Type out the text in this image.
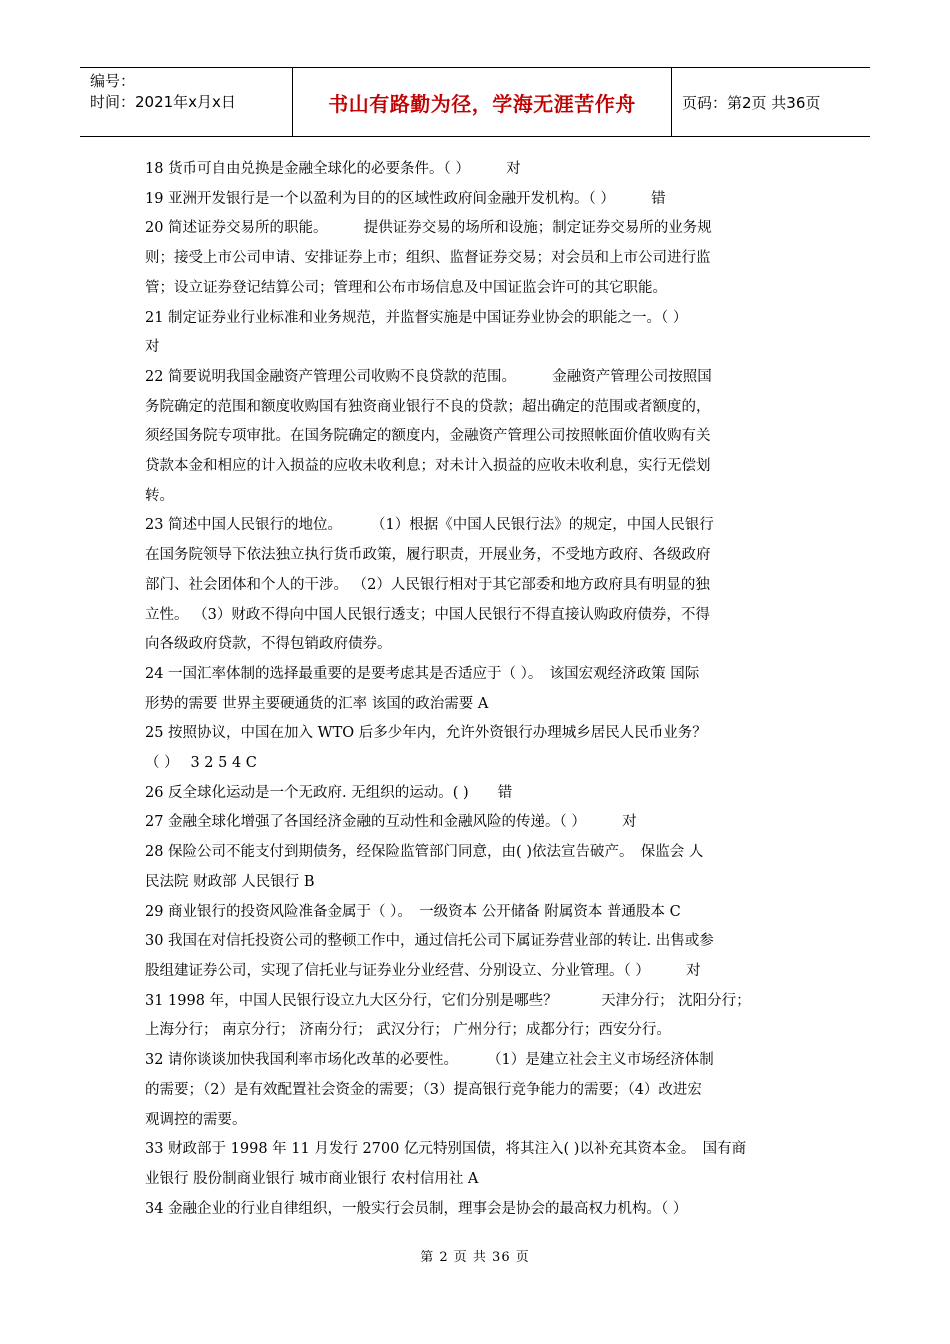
编号：
时间：2021年x月x日	书山有路勤为径，学海无涯苦作舟	页码：第2页 共36页

18 货币可自由兑换是金融全球化的必要条件。（ ）　　　对

19 亚洲开发银行是一个以盈利为目的的区域性政府间金融开发机构。（ ）　　　错

20 简述证券交易所的职能。　　　提供证券交易的场所和设施；制定证券交易所的业务规

则；接受上市公司申请、安排证券上市；组织、监督证券交易；对会员和上市公司进行监

管；设立证券登记结算公司；管理和公布市场信息及中国证监会许可的其它职能。

21 制定证券业行业标准和业务规范，并监督实施是中国证券业协会的职能之一。（ ）

对

22 简要说明我国金融资产管理公司收购不良贷款的范围。　　　金融资产管理公司按照国

务院确定的范围和额度收购国有独资商业银行不良的贷款；超出确定的范围或者额度的，

须经国务院专项审批。在国务院确定的额度内，金融资产管理公司按照帐面价值收购有关

贷款本金和相应的计入损益的应收未收利息；对未计入损益的应收未收利息，实行无偿划

转。

23 简述中国人民银行的地位。　　　（1）根据《中国人民银行法》的规定，中国人民银行

在国务院领导下依法独立执行货币政策，履行职责，开展业务，不受地方政府、各级政府

部门、社会团体和个人的干涉。 （2）人民银行相对于其它部委和地方政府具有明显的独

立性。 （3）财政不得向中国人民银行透支；中国人民银行不得直接认购政府债券，不得

向各级政府贷款，不得包销政府债券。

24 一国汇率体制的选择最重要的是要考虑其是否适应于（ ）。　该国宏观经济政策 国际

形势的需要 世界主要硬通货的汇率 该国的政治需要 A

25 按照协议，中国在加入 WTO 后多少年内，允许外资银行办理城乡居民人民币业务？

（ ）　 3 2 5 4 C

26 反全球化运动是一个无政府. 无组织的运动。( )　　错

27 金融全球化增强了各国经济金融的互动性和金融风险的传递。（ ）　　　对

28 保险公司不能支付到期债务，经保险监管部门同意，由( )依法宣告破产。　保监会 人

民法院 财政部 人民银行 B

29 商业银行的投资风险准备金属于（ ）。　一级资本 公开储备 附属资本 普通股本 C

30 我国在对信托投资公司的整顿工作中，通过信托公司下属证券营业部的转让. 出售或参

股组建证券公司，实现了信托业与证券业分业经营、分别设立、分业管理。（ ）　　　对

31 1998 年，中国人民银行设立九大区分行，它们分别是哪些？　　　天津分行； 沈阳分行；

上海分行； 南京分行； 济南分行； 武汉分行； 广州分行；成都分行；西安分行。

32 请你谈谈加快我国利率市场化改革的必要性。　　　（1）是建立社会主义市场经济体制

的需要；（2）是有效配置社会资金的需要；（3）提高银行竞争能力的需要；（4）改进宏

观调控的需要。

33 财政部于 1998 年 11 月发行 2700 亿元特别国债，将其注入( )以补充其资本金。　国有商

业银行 股份制商业银行 城市商业银行 农村信用社 A

34 金融企业的行业自律组织，一般实行会员制，理事会是协会的最高权力机构。（ ）

第 2 页 共 36 页
